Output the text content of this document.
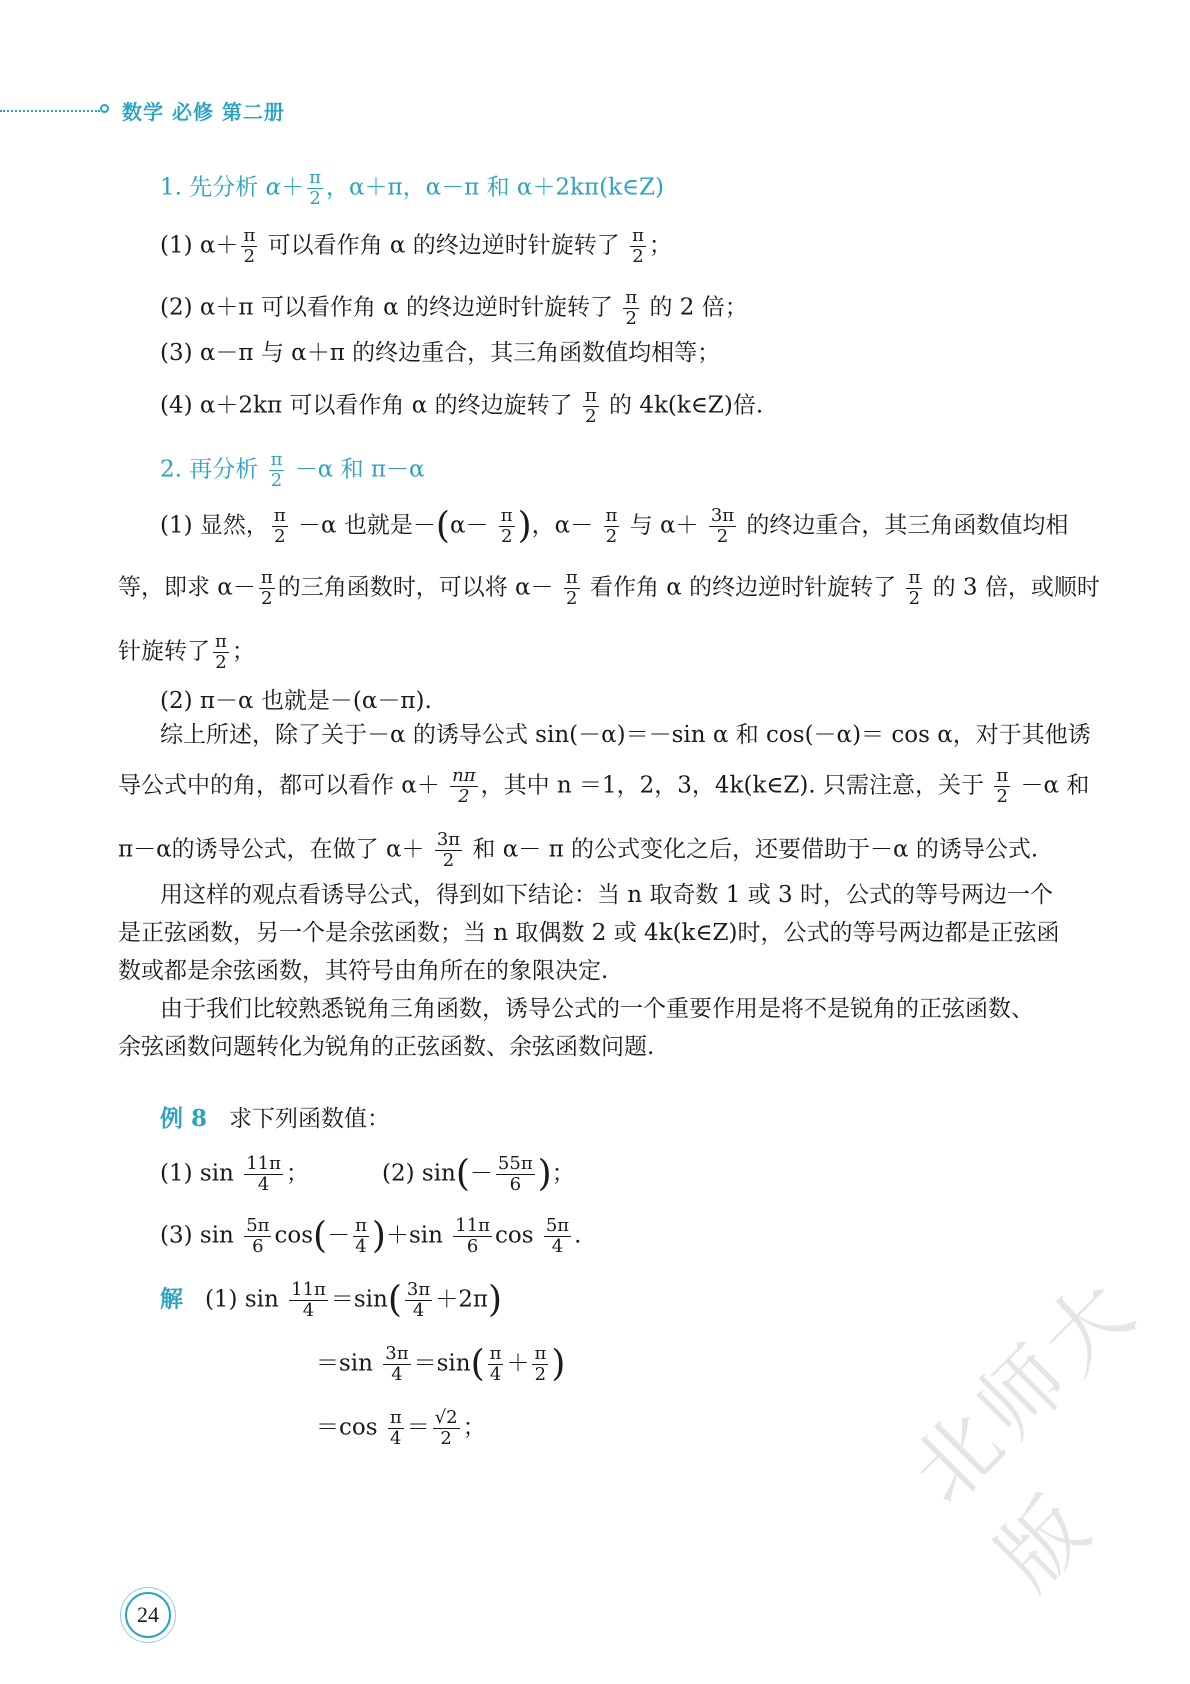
数学 必修 第二册
1. 先分析 $\alpha+ \frac{\pi}{2}$ ，α＋π，α－π 和 α＋2kπ(k∈Z)
(1) $\alpha+ \frac{\pi}{2}$ 可以看作角 α 的终边逆时针旋转了 $\frac{\pi}{2}$ ；
(2) α＋π 可以看作角 α 的终边逆时针旋转了 $\frac{\pi}{2}$ 的 2 倍；
(3) α－π 与 α＋π 的终边重合，其三角函数值均相等；
(4) α＋2kπ 可以看作角 α 的终边旋转了 $\frac{\pi}{2}$ 的 4k(k∈Z)倍.
2. 再分析 $\frac{\pi}{2} -\alpha$ 和 π－α
(1) 显然， $\frac{\pi}{2} -\alpha$ 也就是$-(\alpha- \frac{\pi}{2}$ )，$\alpha- \frac{\pi}{2}$ 与 $\alpha+ \frac{3\pi}{2}$ 的终边重合，其三角函数值均相
等，即求 $\alpha- \frac{\pi}{2}$ 的三角函数时，可以将 $\alpha- \frac{\pi}{2}$ 看作角 α 的终边逆时针旋转了 $\frac{\pi}{2}$ 的 3 倍，或顺时
针旋转了 $\frac{\pi}{2}$ ；
(2) π－α 也就是－(α－π).
综上所述，除了关于－α 的诱导公式 sin(－α)＝－sin α 和 cos(－α)＝ cos α，对于其他诱
导公式中的角，都可以看作 $\alpha+ \frac{n\pi}{2}$ ，其中 n ＝1，2，3，4k(k∈Z). 只需注意，关于 $\frac{\pi}{2} -\alpha$ 和
π－α的诱导公式，在做了 $\alpha+ \frac{3\pi}{2}$ 和 α－ π 的公式变化之后，还要借助于－α 的诱导公式.
用这样的观点看诱导公式，得到如下结论：当 n 取奇数 1 或 3 时，公式的等号两边一个
是正弦函数，另一个是余弦函数；当 n 取偶数 2 或 4k(k∈Z)时，公式的等号两边都是正弦函
数或都是余弦函数，其符号由角所在的象限决定.
由于我们比较熟悉锐角三角函数，诱导公式的一个重要作用是将不是锐角的正弦函数、
余弦函数问题转化为锐角的正弦函数、余弦函数问题.
例 8 求下列函数值：
(1) $\sin \frac{11\pi}{4}$ ；	(2) $\sin(- \frac{55\pi}{6}$ )；
(3) $\sin \frac{5\pi}{6} \cos(- \frac{\pi}{4} )+\sin \frac{11\pi}{6}$ $\cos \frac{5\pi}{4}$ .
解 (1) $\sin \frac{11\pi}{4} =\sin( \frac{3\pi}{4} +2\pi)$
$=\sin \frac{3\pi}{4} =\sin( \frac{\pi}{4} + \frac{\pi}{2}$ )
$=\cos \frac{\pi}{4} = \frac{√2}{2}$ ；
24
北师大版
